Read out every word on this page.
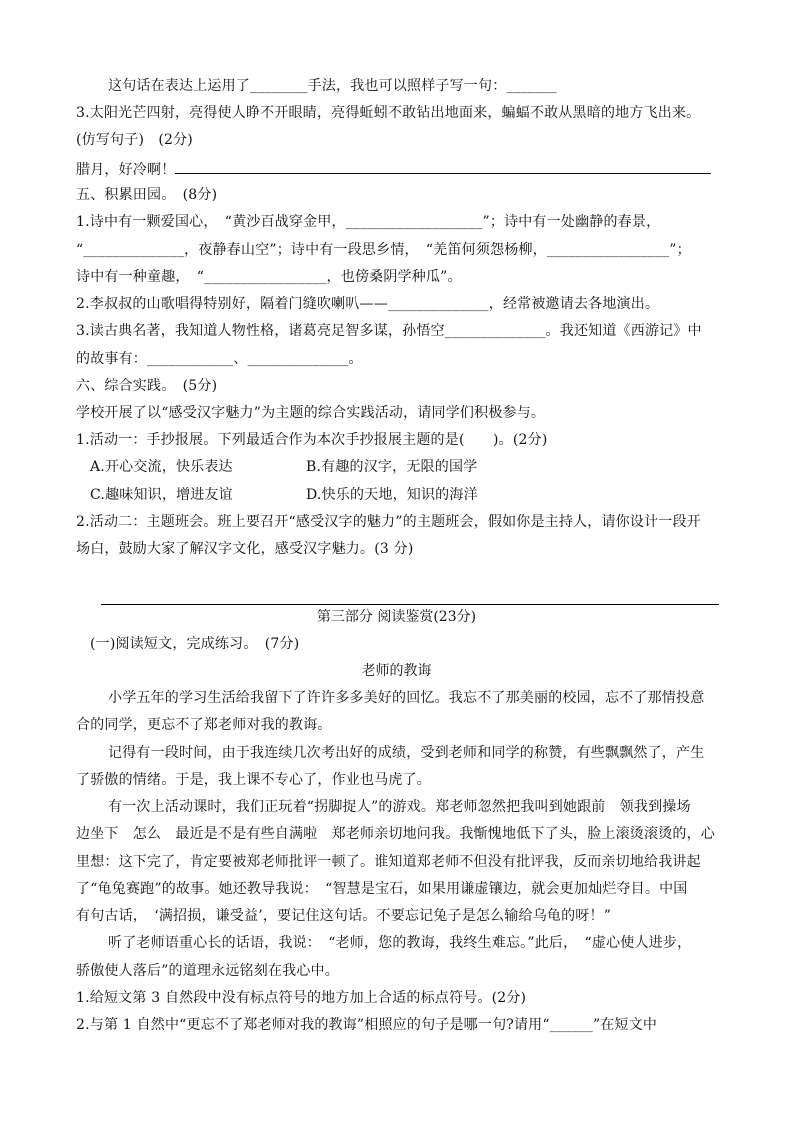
这句话在表达上运用了________手法，我也可以照样子写一句：_______
3.太阳光芒四射，亮得使人睁不开眼睛，亮得蚯蚓不敢钻出地面来，蝙蝠不敢从黑暗的地方飞出来。
(仿写句子)　(2分)
腊月，好冷啊！
五、积累田园。　(8分)
1.诗中有一颗爱国心，　“黄沙百战穿金甲，___________________”；诗中有一处幽静的春景，
“______________，夜静春山空”；诗中有一段思乡情，　“羌笛何须怨杨柳，_________________”；
诗中有一种童趣，　“_________________，也傍桑阴学种瓜”。
2.李叔叔的山歌唱得特别好，隔着门缝吹喇叭——______________，经常被邀请去各地演出。
3.读古典名著，我知道人物性格，诸葛亮足智多谋，孙悟空______________。我还知道《西游记》中
的故事有：____________、______________。
六、综合实践。　(5分)
学校开展了以“感受汉字魅力”为主题的综合实践活动，请同学们积极参与。
1.活动一：手抄报展。下列最适合作为本次手抄报展主题的是(　　)。(2分)
A.开心交流，快乐表达	B.有趣的汉字，无限的国学
C.趣味知识，增进友谊	D.快乐的天地，知识的海洋
2.活动二：主题班会。班上要召开“感受汉字的魅力”的主题班会，假如你是主持人，请你设计一段开
场白，鼓励大家了解汉字文化，感受汉字魅力。(3 分)
第三部分 阅读鉴赏(23分)
(一)阅读短文，完成练习。　(7分)
老师的教诲
小学五年的学习生活给我留下了许许多多美好的回忆。我忘不了那美丽的校园，忘不了那情投意
合的同学，更忘不了郑老师对我的教诲。
记得有一段时间，由于我连续几次考出好的成绩，受到老师和同学的称赞，有些飘飘然了，产生
了骄傲的情绪。于是，我上课不专心了，作业也马虎了。
有一次上活动课时，我们正玩着“拐脚捉人”的游戏。郑老师忽然把我叫到她跟前　领我到操场
边坐下　怎么　最近是不是有些自满啦　郑老师亲切地问我。我惭愧地低下了头，脸上滚烫滚烫的，心
里想：这下完了，肯定要被郑老师批评一顿了。谁知道郑老师不但没有批评我，反而亲切地给我讲起
了“龟兔赛跑”的故事。她还教导我说：　“智慧是宝石，如果用谦虚镶边，就会更加灿烂夺目。中国
有句古话，　‘满招损，谦受益’，要记住这句话。不要忘记兔子是怎么输给乌龟的呀！”
听了老师语重心长的话语，我说：　“老师，您的教诲，我终生难忘。”此后，　“虚心使人进步，
骄傲使人落后”的道理永远铭刻在我心中。
1.给短文第 3 自然段中没有标点符号的地方加上合适的标点符号。(2分)
2.与第 1 自然中“更忘不了郑老师对我的教诲”相照应的句子是哪一句?请用“______”在短文中
